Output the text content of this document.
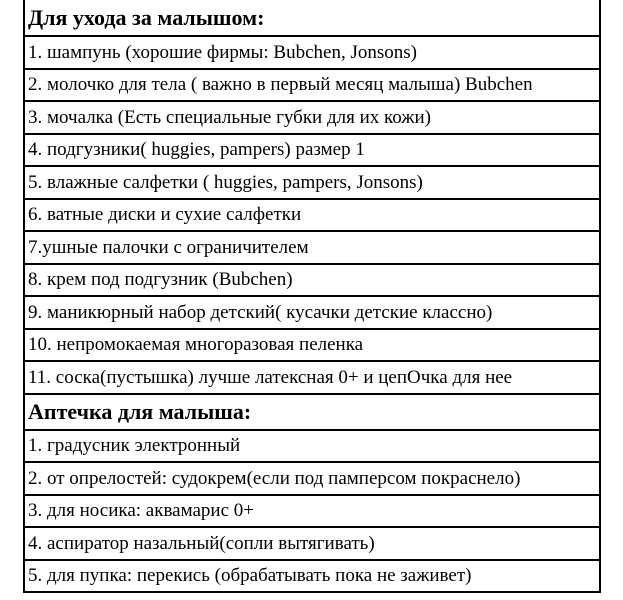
Для ухода за малышом:
1. шампунь (хорошие фирмы: Bubchen, Jonsons)
2. молочко для тела ( важно в первый месяц малыша) Bubchen
3. мочалка (Есть специальные губки для их кожи)
4. подгузники( huggies, pampers) размер 1
5. влажные салфетки ( huggies, pampers, Jonsons)
6. ватные диски и сухие салфетки
7.ушные палочки с ограничителем
8. крем под подгузник (Bubchen)
9. маникюрный набор детский( кусачки детские классно)
10. непромокаемая многоразовая пеленка
11. соска(пустышка) лучше латексная 0+ и цепОчка для нее
Аптечка для малыша:
1. градусник электронный
2. от опрелостей: судокрем(если под памперсом покраснело)
3. для носика: аквамарис 0+
4. аспиратор назальный(сопли вытягивать)
5. для пупка: перекись (обрабатывать пока не заживет)
